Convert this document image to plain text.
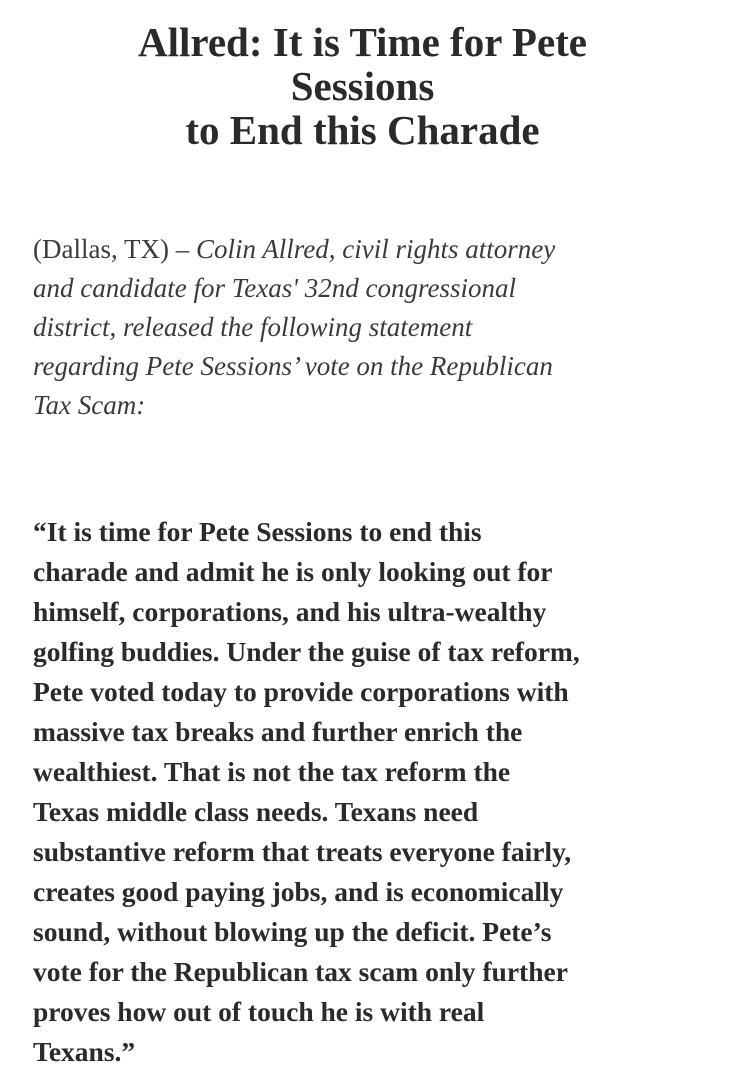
Allred: It is Time for Pete
Sessions
to End this Charade

(Dallas, TX) – Colin Allred, civil rights attorney
and candidate for Texas' 32nd congressional
district, released the following statement
regarding Pete Sessions’ vote on the Republican
Tax Scam:

“It is time for Pete Sessions to end this
charade and admit he is only looking out for
himself, corporations, and his ultra-wealthy
golfing buddies. Under the guise of tax reform,
Pete voted today to provide corporations with
massive tax breaks and further enrich the
wealthiest. That is not the tax reform the
Texas middle class needs. Texans need
substantive reform that treats everyone fairly,
creates good paying jobs, and is economically
sound, without blowing up the deficit. Pete’s
vote for the Republican tax scam only further
proves how out of touch he is with real
Texans.”
